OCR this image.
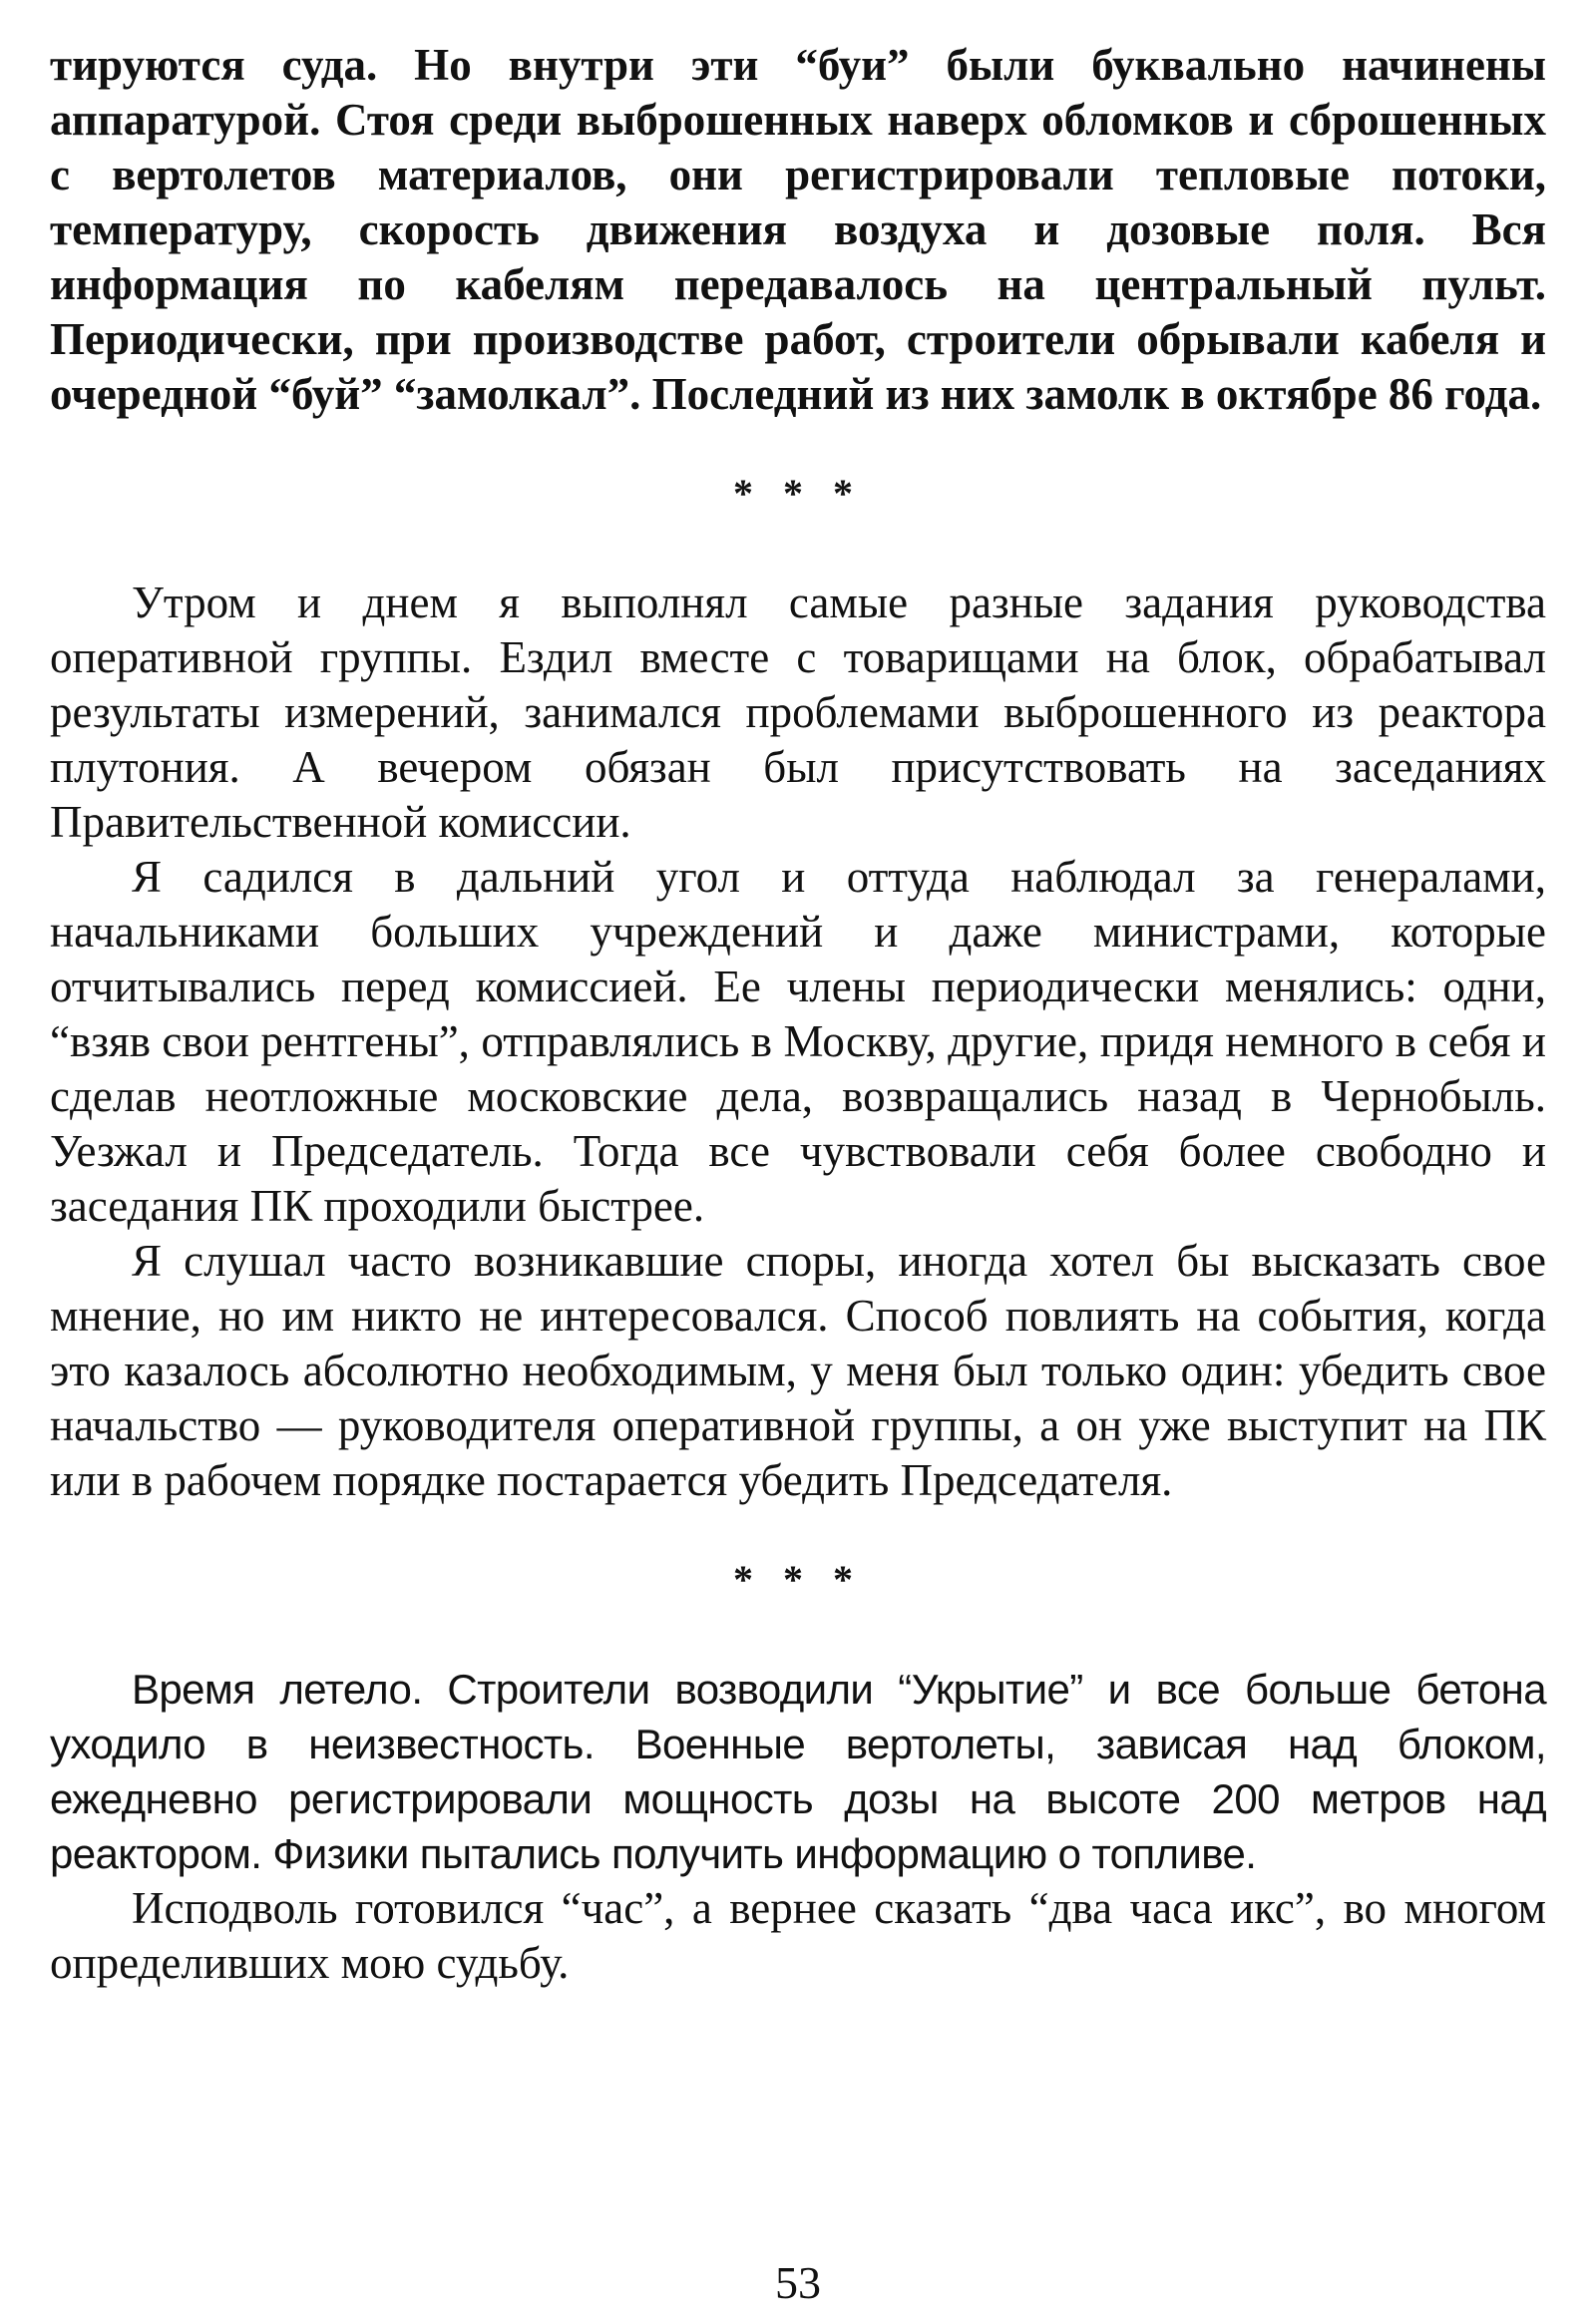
тируются суда. Но внутри эти “буи” были буквально начинены аппаратурой. Стоя среди выброшенных наверх обломков и сброшенных с вертолетов материалов, они регистрировали тепловые потоки, температуру, скорость движения воздуха и дозовые поля. Вся информация по кабелям передавалось на центральный пульт. Периодически, при производстве работ, строители обрывали кабеля и очередной “буй” “замолкал”. Последний из них замолк в октябре 86 года.

* * *

Утром и днем я выполнял самые разные задания руководства оперативной группы. Ездил вместе с товарищами на блок, обрабатывал результаты измерений, занимался проблемами выброшенного из реактора плутония. А вечером обязан был присутствовать на заседаниях Правительственной комиссии.

Я садился в дальний угол и оттуда наблюдал за генералами, начальниками больших учреждений и даже министрами, которые отчитывались перед комиссией. Ее члены периодически менялись: одни, “взяв свои рентгены”, отправлялись в Москву, другие, придя немного в себя и сделав неотложные московские дела, возвращались назад в Чернобыль. Уезжал и Председатель. Тогда все чувствовали себя более свободно и заседания ПК проходили быстрее.

Я слушал часто возникавшие споры, иногда хотел бы высказать свое мнение, но им никто не интересовался. Способ повлиять на события, когда это казалось абсолютно необходимым, у меня был только один: убедить свое начальство — руководителя оперативной группы, а он уже выступит на ПК или в рабочем порядке постарается убедить Председателя.

* * *

Время летело. Строители возводили “Укрытие” и все больше бетона уходило в неизвестность. Военные вертолеты, зависая над блоком, ежедневно регистрировали мощность дозы на высоте 200 метров над реактором. Физики пытались получить информацию о топливе.

Исподволь готовился “час”, а вернее сказать “два часа икс”, во многом определивших мою судьбу.

53
